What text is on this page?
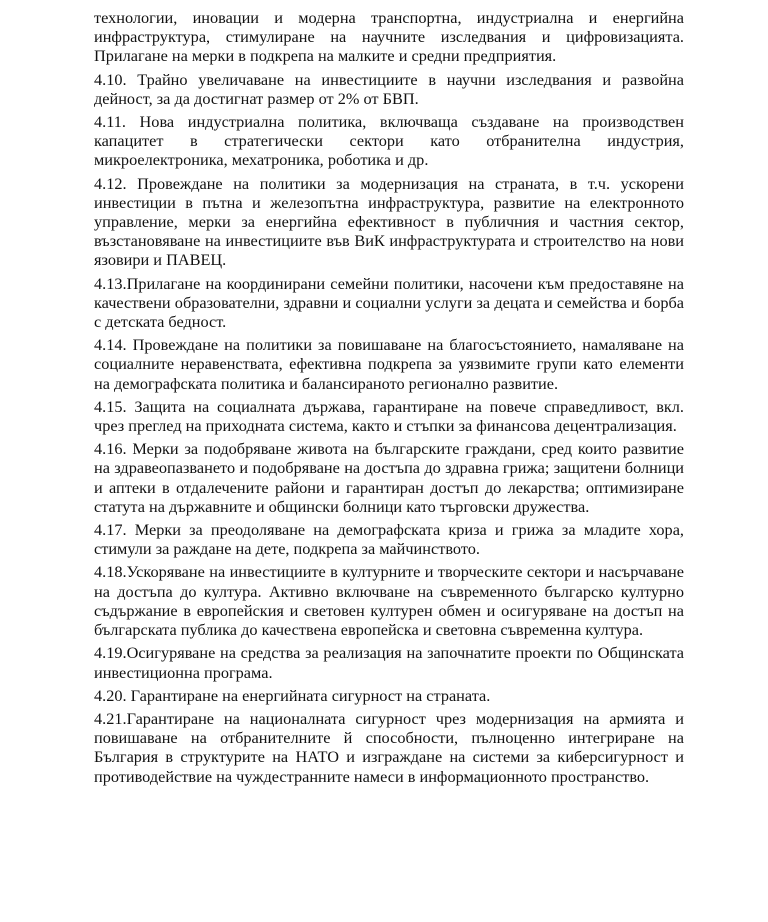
технологии, иновации и модерна транспортна, индустриална и енергийна инфраструктура, стимулиране на научните изследвания и цифровизацията. Прилагане на мерки в подкрепа на малките и средни предприятия.

4.10. Трайно увеличаване на инвестициите в научни изследвания и развойна дейност, за да достигнат размер от 2% от БВП.

4.11. Нова индустриална политика, включваща създаване на производствен капацитет в стратегически сектори като отбранителна индустрия, микроелектроника, мехатроника, роботика и др.

4.12. Провеждане на политики за модернизация на страната, в т.ч. ускорени инвестиции в пътна и железопътна инфраструктура, развитие на електронното управление, мерки за енергийна ефективност в публичния и частния сектор, възстановяване на инвестициите във ВиК инфраструктурата и строителство на нови язовири и ПАВЕЦ.

4.13.Прилагане на координирани семейни политики, насочени към предоставяне на качествени образователни, здравни и социални услуги за децата и семейства и борба с детската бедност.

4.14. Провеждане на политики за повишаване на благосъстоянието, намаляване на социалните неравенствата, ефективна подкрепа за уязвимите групи като елементи на демографската политика и балансираното регионално развитие.

4.15. Защита на социалната държава, гарантиране на повече справедливост, вкл. чрез преглед на приходната система, както и стъпки за финансова децентрализация.

4.16. Мерки за подобряване живота на българските граждани, сред които развитие на здравеопазването и подобряване на достъпа до здравна грижа; защитени болници и аптеки в отдалечените райони и гарантиран достъп до лекарства; оптимизиране статута на държавните и общински болници като търговски дружества.

4.17. Мерки за преодоляване на демографската криза и грижа за младите хора, стимули за раждане на дете, подкрепа за майчинството.

4.18.Ускоряване на инвестициите в културните и творческите сектори и насърчаване на достъпа до култура. Активно включване на съвременното българско културно съдържание в европейския и световен културен обмен и осигуряване на достъп на българската публика до качествена европейска и световна съвременна култура.

4.19.Осигуряване на средства за реализация на започнатите проекти по Общинската инвестиционна програма.

4.20. Гарантиране на енергийната сигурност на страната.

4.21.Гарантиране на националната сигурност чрез модернизация на армията и повишаване на отбранителните й способности, пълноценно интегриране на България в структурите на НАТО и изграждане на системи за киберсигурност и противодействие на чуждестранните намеси в информационното пространство.
